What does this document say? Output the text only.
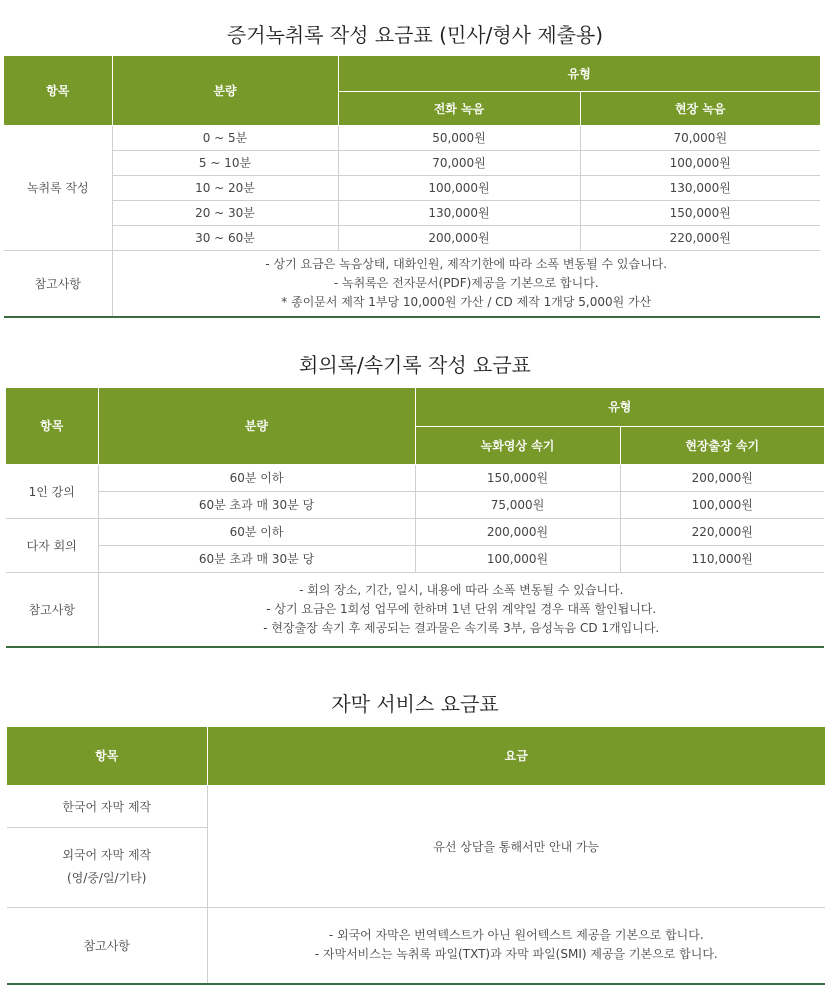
증거녹취록 작성 요금표 (민사/형사 제출용)
항목	분량	유형	
		전화 녹음	현장 녹음
녹취록 작성	0 ~ 5분	50,000원	70,000원
	5 ~ 10분	70,000원	100,000원
	10 ~ 20분	100,000원	130,000원
	20 ~ 30분	130,000원	150,000원
	30 ~ 60분	200,000원	220,000원
참고사항	- 상기 요금은 녹음상태, 대화인원, 제작기한에 따라 소폭 변동될 수 있습니다.
- 녹취록은 전자문서(PDF)제공을 기본으로 합니다.
* 종이문서 제작 1부당 10,000원 가산 / CD 제작 1개당 5,000원 가산		
회의록/속기록 작성 요금표
항목	분량	유형	
		녹화영상 속기	현장출장 속기
1인 강의	60분 이하	150,000원	200,000원
	60분 초과 매 30분 당	75,000원	100,000원
다자 회의	60분 이하	200,000원	220,000원
	60분 초과 매 30분 당	100,000원	110,000원
참고사항	- 회의 장소, 기간, 일시, 내용에 따라 소폭 변동될 수 있습니다.
- 상기 요금은 1회성 업무에 한하며 1년 단위 계약일 경우 대폭 할인됩니다.
- 현장출장 속기 후 제공되는 결과물은 속기록 3부, 음성녹음 CD 1개입니다.		
자막 서비스 요금표
항목	요금
한국어 자막 제작	유선 상담을 통해서만 안내 가능

외국어 자막 제작
(영/중/일/기타)	

참고사항	- 외국어 자막은 번역텍스트가 아닌 원어텍스트 제공을 기본으로 합니다.
- 자막서비스는 녹취록 파일(TXT)과 자막 파일(SMI) 제공을 기본으로 합니다.
